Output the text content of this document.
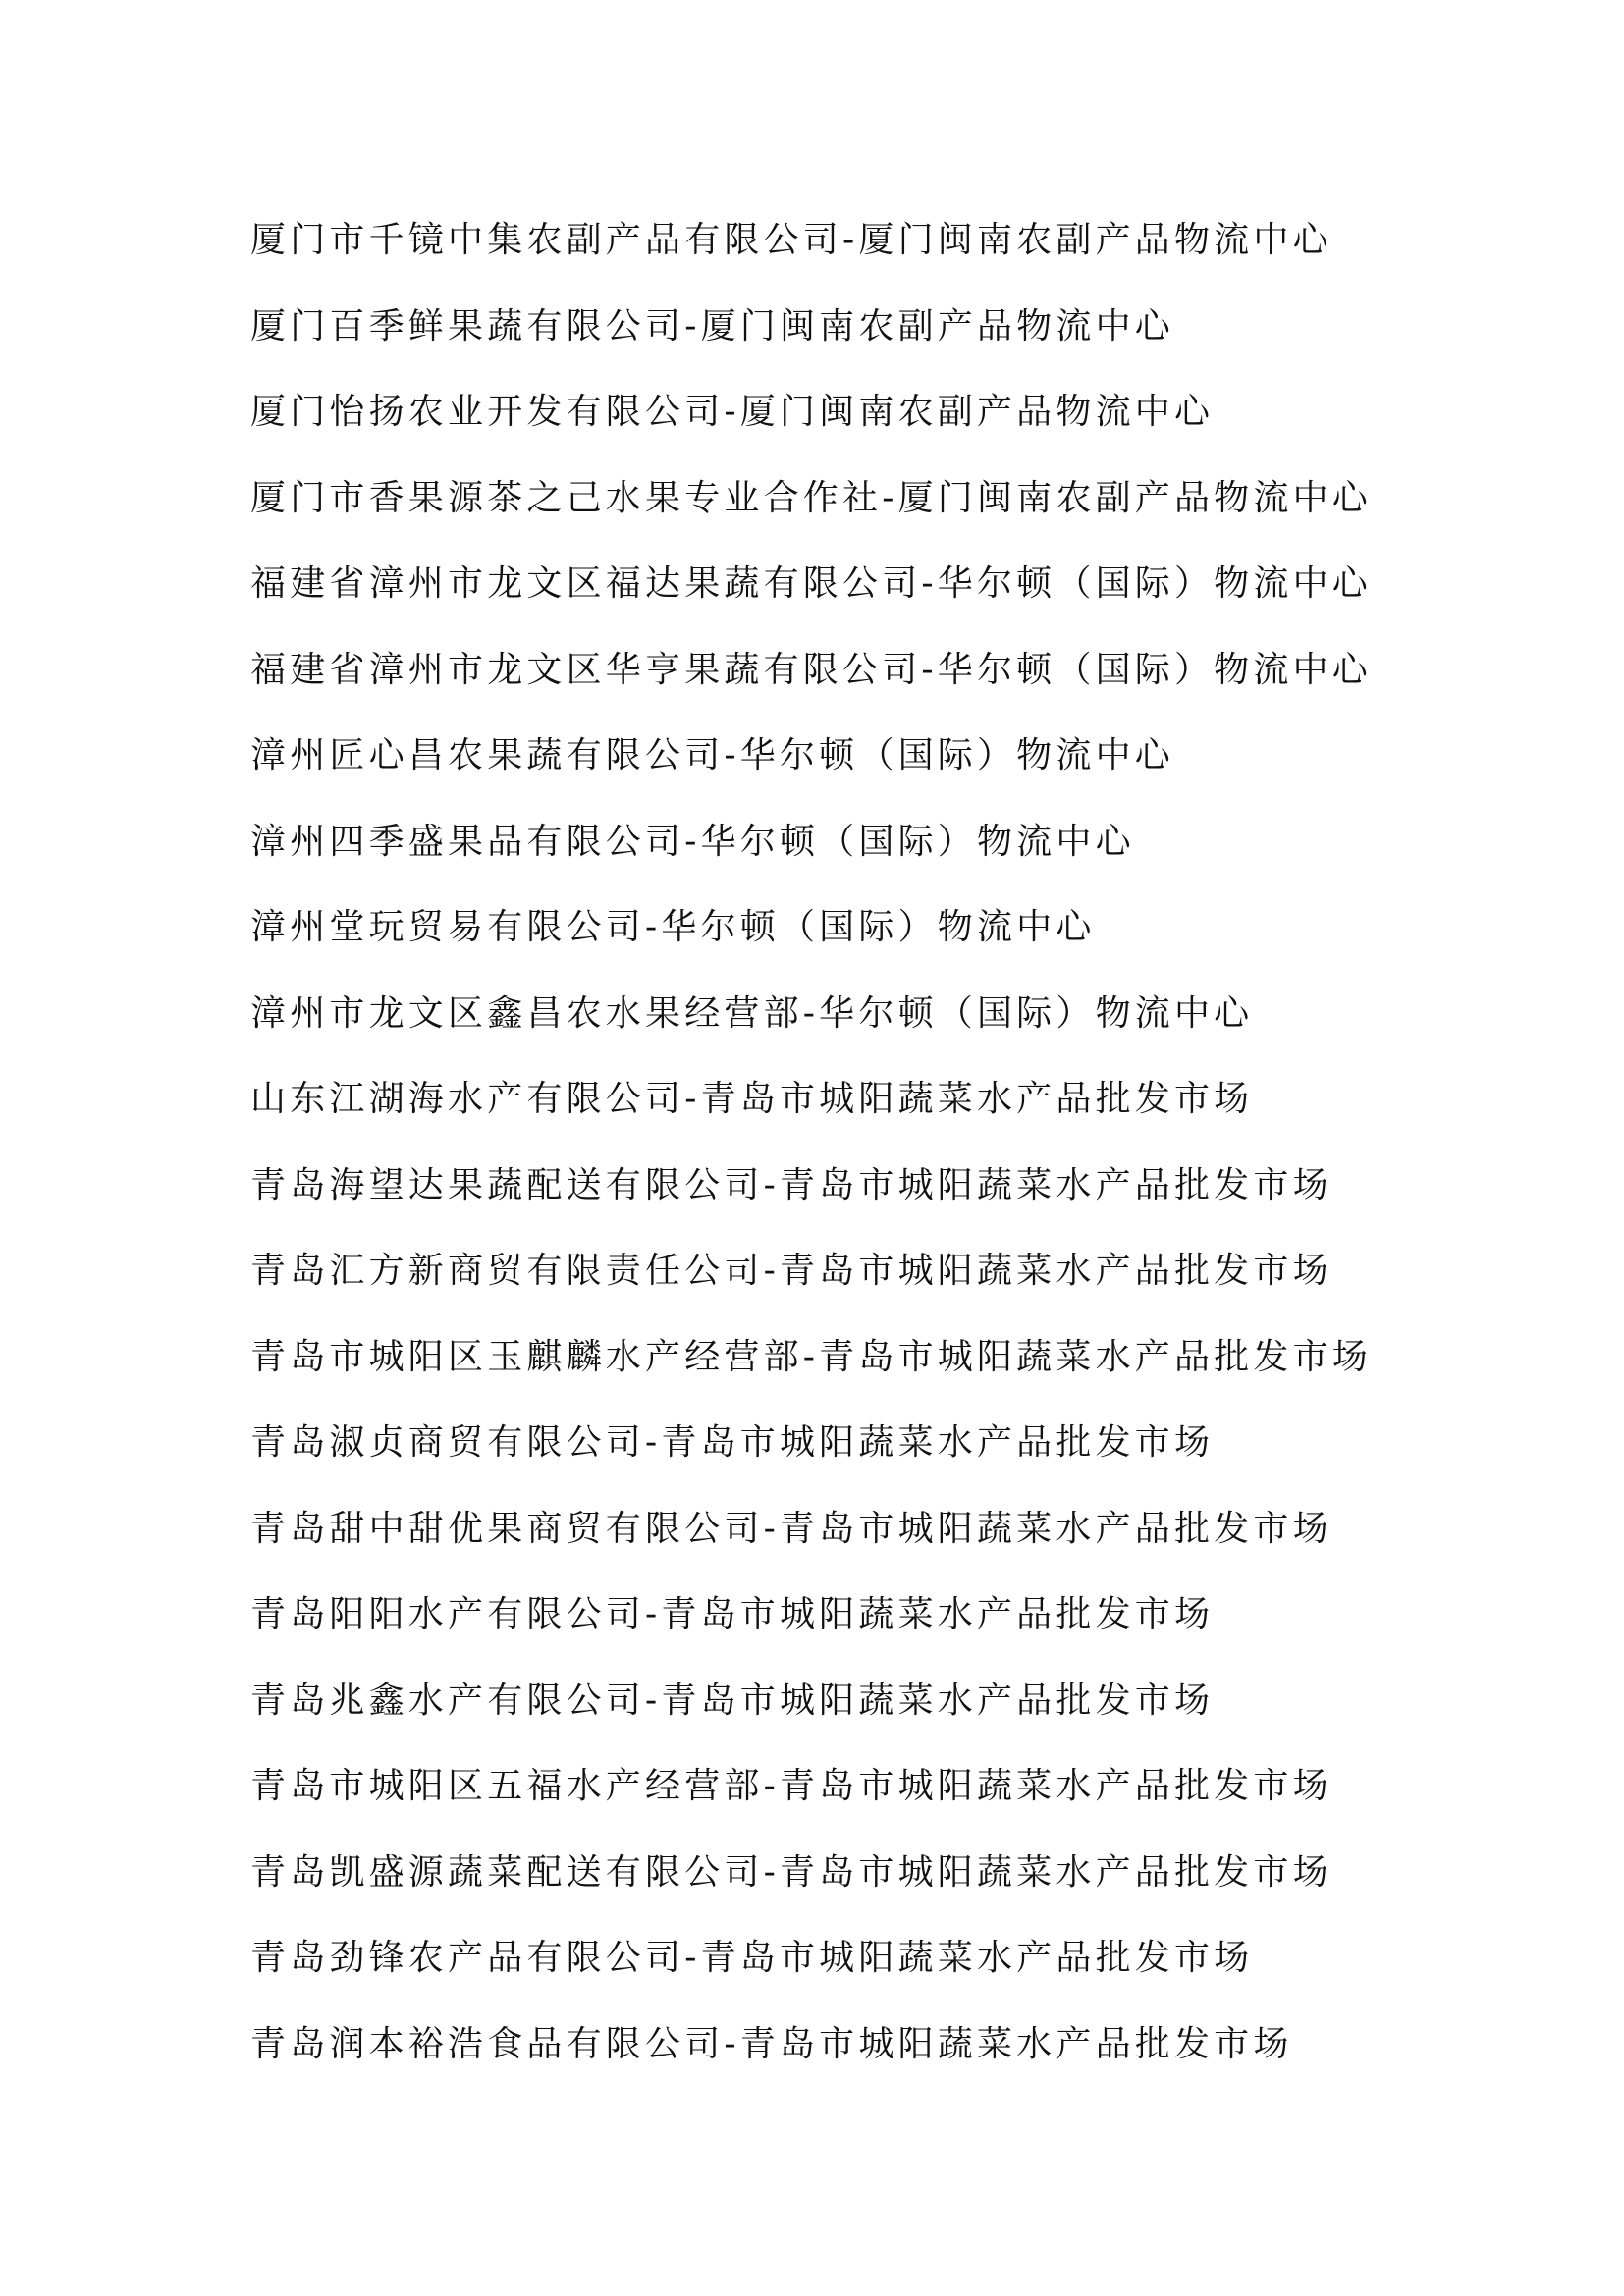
厦门市千镜中集农副产品有限公司-厦门闽南农副产品物流中心
厦门百季鲜果蔬有限公司-厦门闽南农副产品物流中心
厦门怡扬农业开发有限公司-厦门闽南农副产品物流中心
厦门市香果源茶之己水果专业合作社-厦门闽南农副产品物流中心
福建省漳州市龙文区福达果蔬有限公司-华尔顿（国际）物流中心
福建省漳州市龙文区华亨果蔬有限公司-华尔顿（国际）物流中心
漳州匠心昌农果蔬有限公司-华尔顿（国际）物流中心
漳州四季盛果品有限公司-华尔顿（国际）物流中心
漳州堂玩贸易有限公司-华尔顿（国际）物流中心
漳州市龙文区鑫昌农水果经营部-华尔顿（国际）物流中心
山东江湖海水产有限公司-青岛市城阳蔬菜水产品批发市场
青岛海望达果蔬配送有限公司-青岛市城阳蔬菜水产品批发市场
青岛汇方新商贸有限责任公司-青岛市城阳蔬菜水产品批发市场
青岛市城阳区玉麒麟水产经营部-青岛市城阳蔬菜水产品批发市场
青岛淑贞商贸有限公司-青岛市城阳蔬菜水产品批发市场
青岛甜中甜优果商贸有限公司-青岛市城阳蔬菜水产品批发市场
青岛阳阳水产有限公司-青岛市城阳蔬菜水产品批发市场
青岛兆鑫水产有限公司-青岛市城阳蔬菜水产品批发市场
青岛市城阳区五福水产经营部-青岛市城阳蔬菜水产品批发市场
青岛凯盛源蔬菜配送有限公司-青岛市城阳蔬菜水产品批发市场
青岛劲锋农产品有限公司-青岛市城阳蔬菜水产品批发市场
青岛润本裕浩食品有限公司-青岛市城阳蔬菜水产品批发市场
